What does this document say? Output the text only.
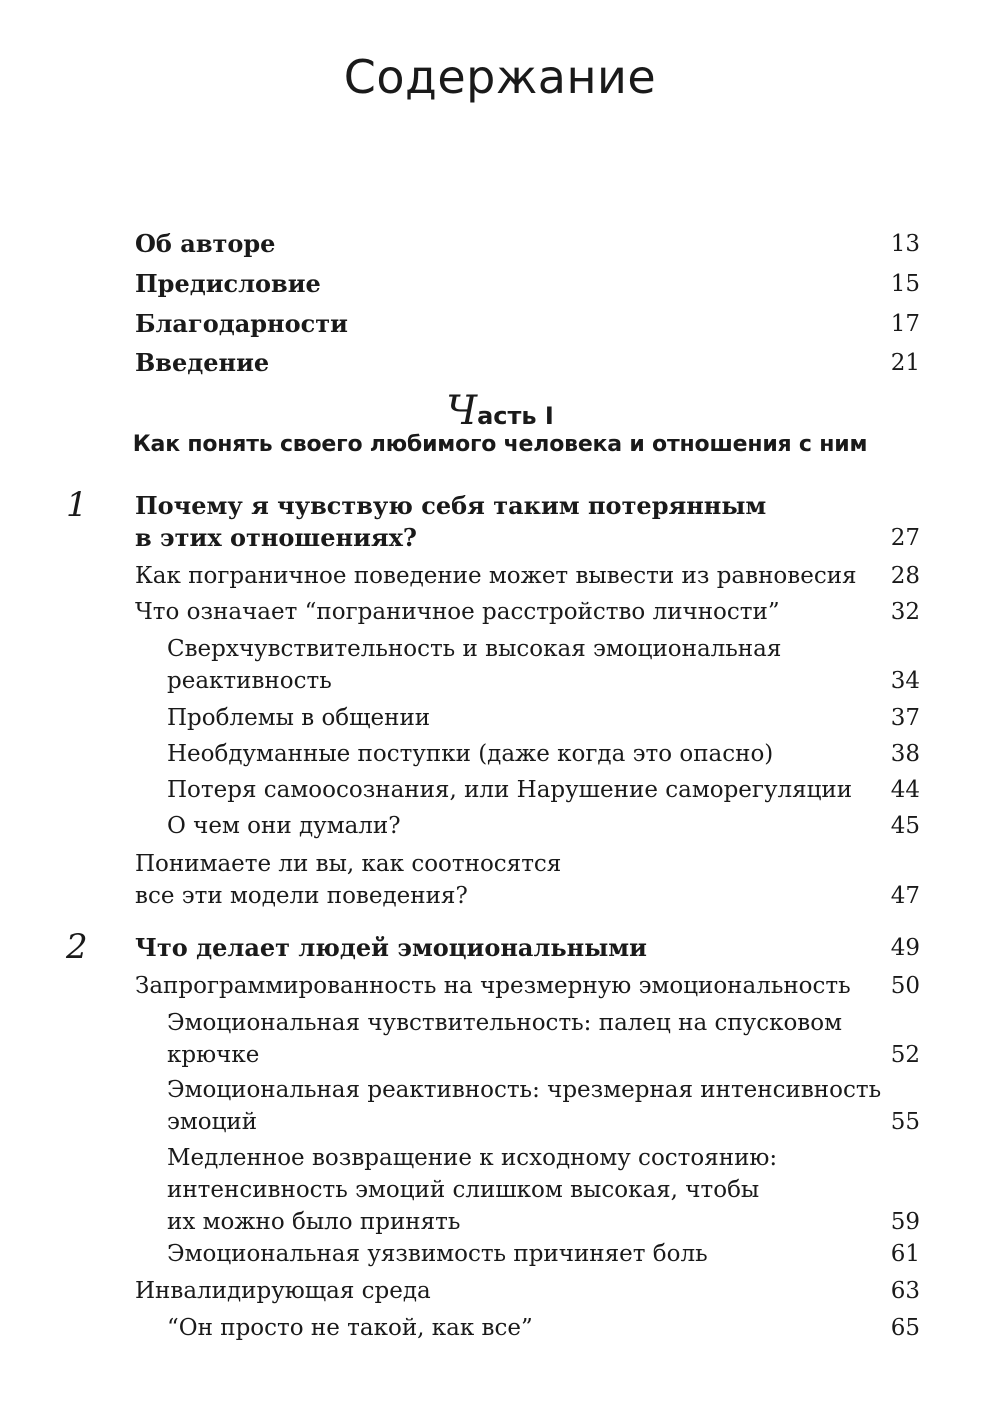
Содержание
Об авторе	13
Предисловие	15
Благодарности	17
Введение	21
Часть I
Как понять своего любимого человека и отношения с ним
1 Почему я чувствую себя таким потерянным
в этих отношениях?	27
Как пограничное поведение может вывести из равновесия 28
Что означает “пограничное расстройство личности”	32
Сверхчувствительность и высокая эмоциональная
реактивность	34
Проблемы в общении	37
Необдуманные поступки (даже когда это опасно)	38
Потеря самоосознания, или Нарушение саморегуляции 44
О чем они думали?	45
Понимаете ли вы, как соотносятся
все эти модели поведения?	47
2 Что делает людей эмоциональными	49
Запрограммированность на чрезмерную эмоциональность 50
Эмоциональная чувствительность: палец на спусковом
крючке	52
Эмоциональная реактивность: чрезмерная интенсивность
эмоций	55
Медленное возвращение к исходному состоянию:
интенсивность эмоций слишком высокая, чтобы
их можно было принять	59
Эмоциональная уязвимость причиняет боль	61
Инвалидирующая среда	63
“Он просто не такой, как все”	65
